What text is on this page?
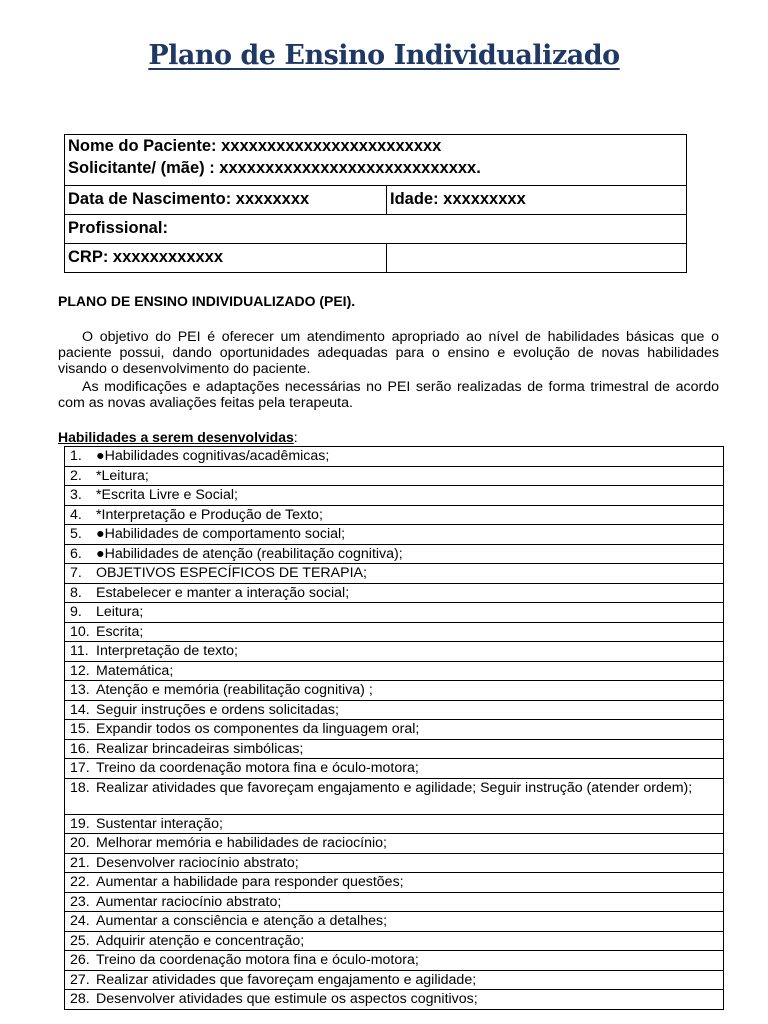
Plano de Ensino Individualizado
Nome do Paciente: xxxxxxxxxxxxxxxxxxxxxxxx
Solicitante/ (mãe) : xxxxxxxxxxxxxxxxxxxxxxxxxxxx.	

Data de Nascimento: xxxxxxxx	Idade: xxxxxxxxx
Profissional:	
CRP: xxxxxxxxxxxx	
PLANO DE ENSINO INDIVIDUALIZADO (PEI).

O objetivo do PEI é oferecer um atendimento apropriado ao nível de habilidades básicas que o paciente possui, dando oportunidades adequadas para o ensino e evolução de novas habilidades visando o desenvolvimento do paciente.

As modificações e adaptações necessárias no PEI serão realizadas de forma trimestral de acordo com as novas avaliações feitas pela terapeuta.

Habilidades a serem desenvolvidas:
1. ●Habilidades cognitivas/acadêmicas;

2. *Leitura;

3. *Escrita Livre e Social;

4. *Interpretação e Produção de Texto;

5. ●Habilidades de comportamento social;

6. ●Habilidades de atenção (reabilitação cognitiva);

7. OBJETIVOS ESPECÍFICOS DE TERAPIA;

8. Estabelecer e manter a interação social;

9. Leitura;

10. Escrita;

11. Interpretação de texto;

12. Matemática;

13. Atenção e memória (reabilitação cognitiva) ;

14. Seguir instruções e ordens solicitadas;

15. Expandir todos os componentes da linguagem oral;

16. Realizar brincadeiras simbólicas;

17. Treino da coordenação motora fina e óculo-motora;

18. Realizar atividades que favoreçam engajamento e agilidade; Seguir instrução (atender ordem);

19. Sustentar interação;

20. Melhorar memória e habilidades de raciocínio;

21. Desenvolver raciocínio abstrato;

22. Aumentar a habilidade para responder questões;

23. Aumentar raciocínio abstrato;

24. Aumentar a consciência e atenção a detalhes;

25. Adquirir atenção e concentração;

26. Treino da coordenação motora fina e óculo-motora;

27. Realizar atividades que favoreçam engajamento e agilidade;

28. Desenvolver atividades que estimule os aspectos cognitivos;
